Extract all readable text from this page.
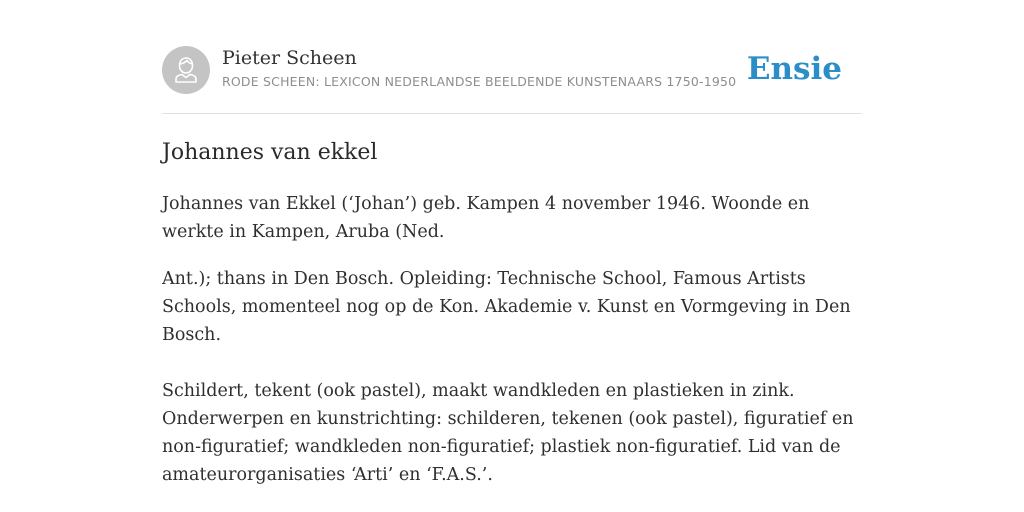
Pieter Scheen
RODE SCHEEN: LEXICON NEDERLANDSE BEELDENDE KUNSTENAARS 1750-1950 Ensie
Johannes van ekkel

Johannes van Ekkel (‘Johan’) geb. Kampen 4 november 1946. Woonde en werkte in Kampen, Aruba (Ned.

Ant.); thans in Den Bosch. Opleiding: Technische School, Famous Artists Schools, momenteel nog op de Kon. Akademie v. Kunst en Vormgeving in Den Bosch.

Schildert, tekent (ook pastel), maakt wandkleden en plastieken in zink. Onderwerpen en kunstrichting: schilderen, tekenen (ook pastel), figuratief en non-figuratief; wandkleden non-figuratief; plastiek non-figuratief. Lid van de amateurorganisaties ‘Arti’ en ‘F.A.S.’.
